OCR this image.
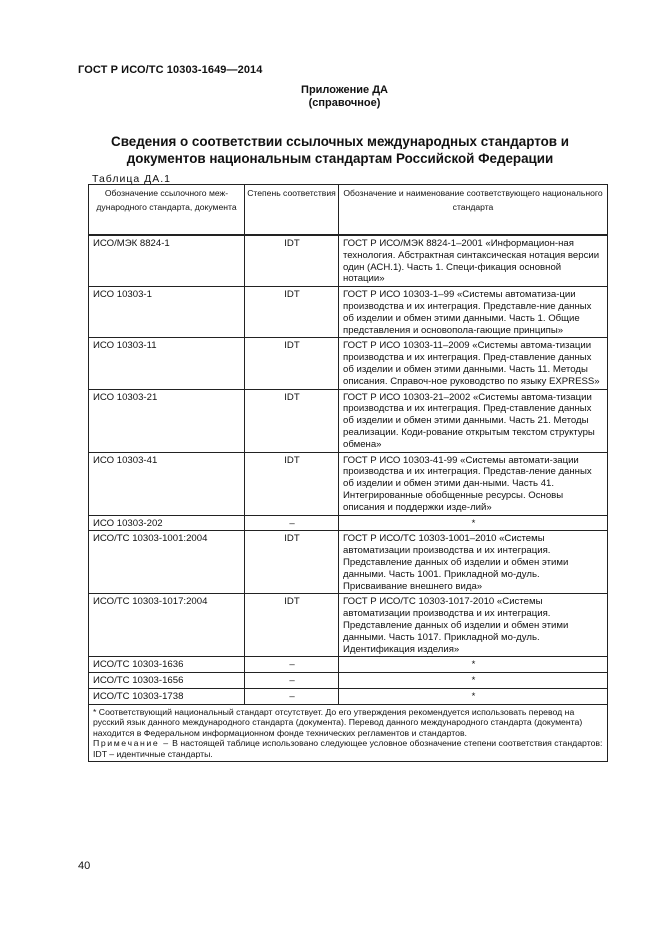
ГОСТ Р ИСО/ТС 10303-1649—2014
Приложение ДА
(справочное)
Сведения о соответствии ссылочных международных стандартов и
документов национальным стандартам Российской Федерации
Таблица ДА.1
Обозначение ссылочного меж-дународного стандарта, документа	Степень соответствия	Обозначение и наименование соответствующего национального стандарта
ИСО/МЭК 8824-1	IDT	ГОСТ Р ИСО/МЭК 8824-1–2001 «Информацион-ная технология. Абстрактная синтаксическая нотация версии один (АСН.1). Часть 1. Специ-фикация основной нотации»
ИСО 10303-1	IDT	ГОСТ Р ИСО 10303-1–99 «Системы автоматиза-ции производства и их интеграция. Представле-ние данных об изделии и обмен этими данными. Часть 1. Общие представления и основопола-гающие принципы»
ИСО 10303-11	IDT	ГОСТ Р ИСО 10303-11–2009 «Системы автома-тизации производства и их интеграция. Пред-ставление данных об изделии и обмен этими данными. Часть 11. Методы описания. Справоч-ное руководство по языку EXPRESS»
ИСО 10303-21	IDT	ГОСТ Р ИСО 10303-21–2002 «Системы автома-тизации производства и их интеграция. Пред-ставление данных об изделии и обмен этими данными. Часть 21. Методы реализации. Коди-рование открытым текстом структуры обмена»
ИСО 10303-41	IDT	ГОСТ Р ИСО 10303-41-99 «Системы автомати-зации производства и их интеграция. Представ-ление данных об изделии и обмен этими дан-ными. Часть 41. Интегрированные обобщенные ресурсы. Основы описания и поддержки изде-лий»
ИСО 10303-202	–	*
ИСО/ТС 10303-1001:2004	IDT	ГОСТ Р ИСО/ТС 10303-1001–2010 «Системы автоматизации производства и их интеграция. Представление данных об изделии и обмен этими данными. Часть 1001. Прикладной мо-дуль. Присваивание внешнего вида»
ИСО/ТС 10303-1017:2004	IDT	ГОСТ Р ИСО/ТС 10303-1017-2010 «Системы автоматизации производства и их интеграция. Представление данных об изделии и обмен этими данными. Часть 1017. Прикладной мо-дуль. Идентификация изделия»
ИСО/ТС 10303-1636	–	*
ИСО/ТС 10303-1656	–	*
ИСО/ТС 10303-1738	–	*

* Соответствующий национальный стандарт отсутствует. До его утверждения рекомендуется использовать перевод на русский язык данного международного стандарта (документа). Перевод данного международного стандарта (документа) находится в Федеральном информационном фонде технических регламентов и стандартов.
Примечание – В настоящей таблице использовано следующее условное обозначение степени соответствия стандартов:
IDT – идентичные стандарты.		
40
